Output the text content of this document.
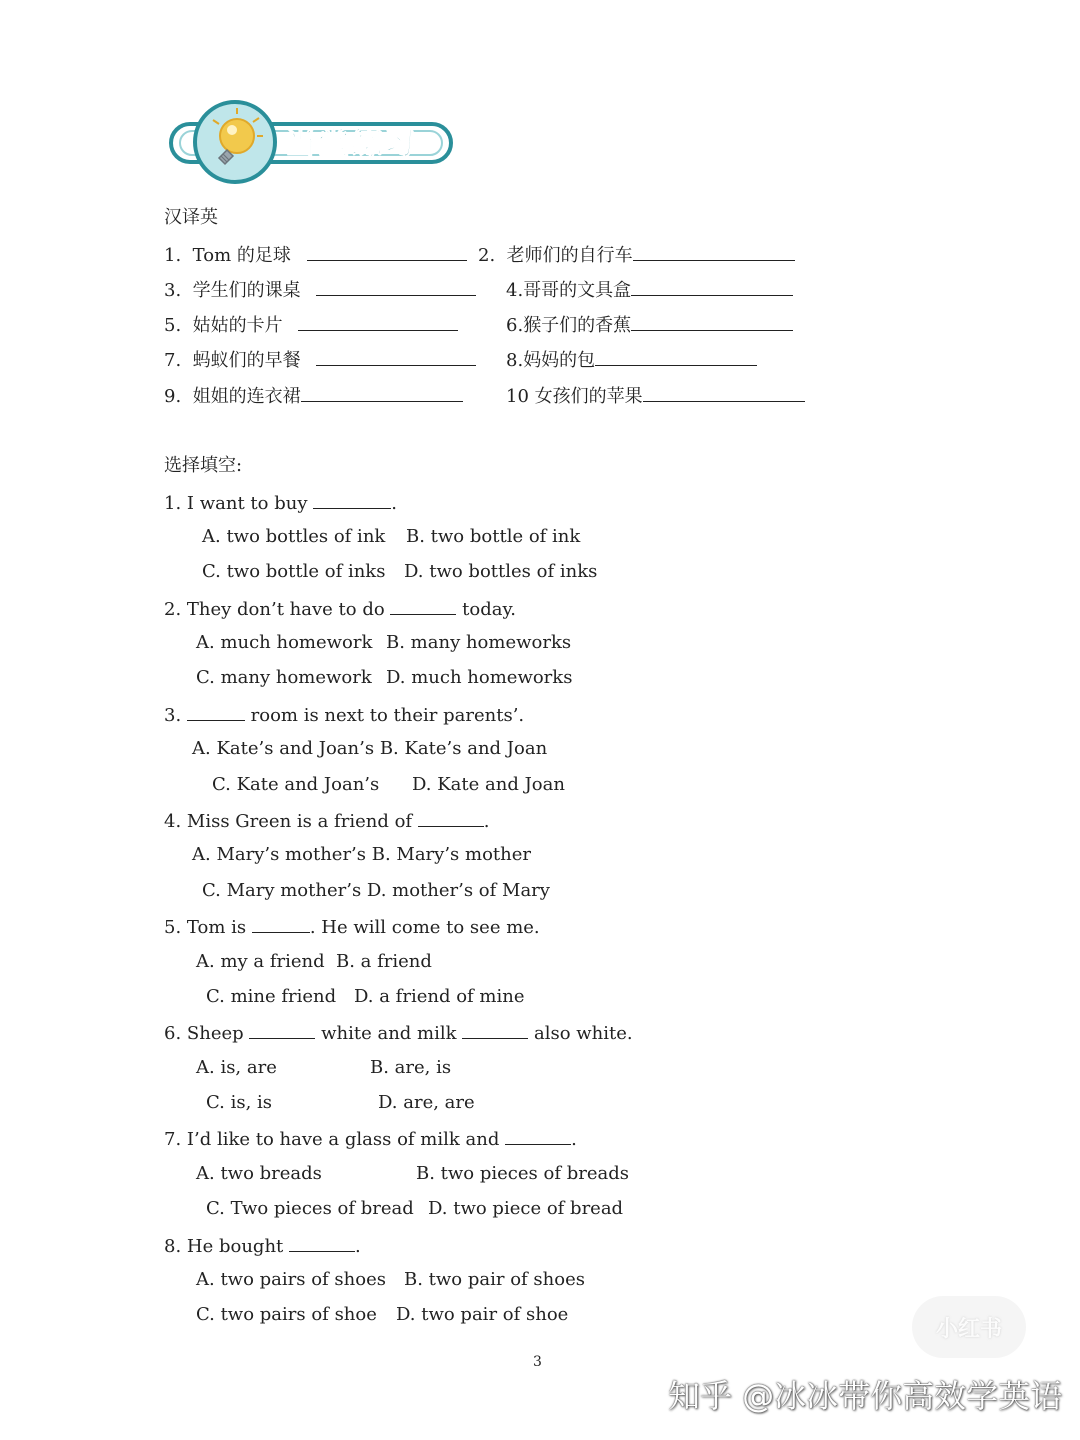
当堂练习
汉译英
1. Tom 的足球	2. 老师们的自行车
3. 学生们的课桌	4.哥哥的文具盒
5. 姑姑的卡片	6.猴子们的香蕉
7. 蚂蚁们的早餐	8.妈妈的包
9. 姐姐的连衣裙	10 女孩们的苹果
选择填空:
1. I want to buy	.
A. two bottles of ink B. two bottle of ink
C. two bottle of inks D. two bottles of inks
2. They don’t have to do	today.
A. much homework B. many homeworks
C. many homework D. much homeworks
3.	room is next to their parents’.
A. Kate’s and Joan’s B. Kate’s and Joan
C. Kate and Joan’s D. Kate and Joan
4. Miss Green is a friend of	.
A. Mary’s mother’s B. Mary’s mother
C. Mary mother’s D. mother’s of Mary
5. Tom is	. He will come to see me.
A. my a friend B. a friend
C. mine friend D. a friend of mine
6. Sheep	white and milk	also white.
A. is, are	B. are, is
C. is, is	D. are, are
7. I’d like to have a glass of milk and	.
A. two breads	B. two pieces of breads
C. Two pieces of bread D. two piece of bread
8. He bought	.
A. two pairs of shoes B. two pair of shoes
C. two pairs of shoe D. two pair of shoe
3
小红书
知乎 @冰冰带你高效学英语
